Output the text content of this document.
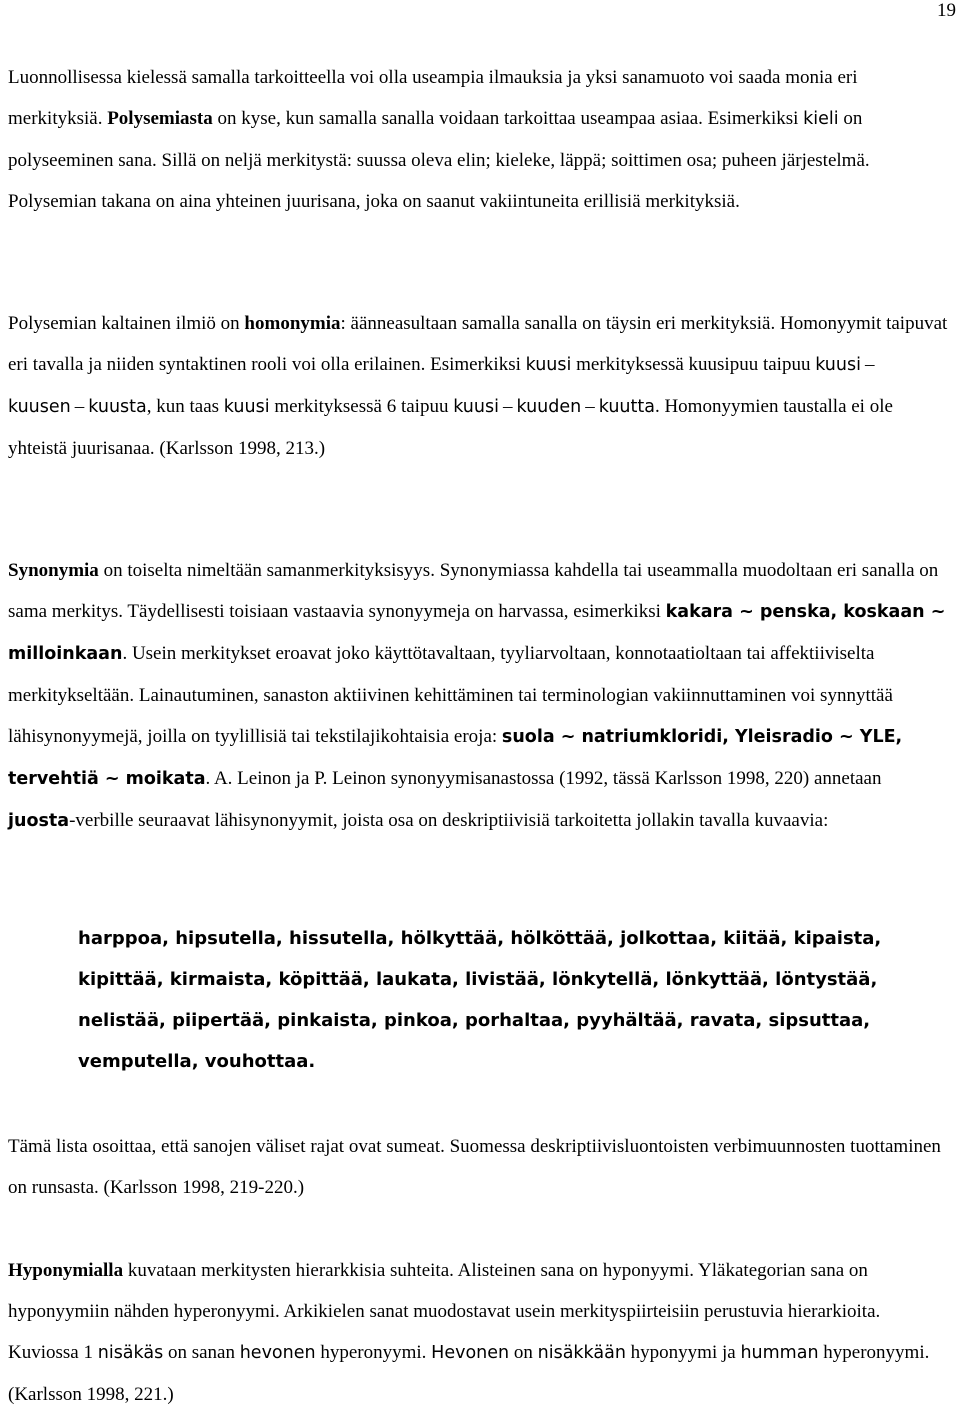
19

Luonnollisessa kielessä samalla tarkoitteella voi olla useampia ilmauksia ja yksi sanamuoto voi saada monia eri merkityksiä. Polysemiasta on kyse, kun samalla sanalla voidaan tarkoittaa useampaa asiaa. Esimerkiksi kieli on polyseeminen sana. Sillä on neljä merkitystä: suussa oleva elin; kieleke, läppä; soittimen osa; puheen järjestelmä. Polysemian takana on aina yhteinen juurisana, joka on saanut vakiintuneita erillisiä merkityksiä.

Polysemian kaltainen ilmiö on homonymia: äänneasultaan samalla sanalla on täysin eri merkityksiä. Homonyymit taipuvat eri tavalla ja niiden syntaktinen rooli voi olla erilainen. Esimerkiksi kuusi merkityksessä kuusipuu taipuu kuusi –kuusen – kuusta, kun taas kuusi merkityksessä 6 taipuu kuusi – kuuden – kuutta. Homonyymien taustalla ei ole yhteistä juurisanaa. (Karlsson 1998, 213.)

Synonymia on toiselta nimeltään samanmerkityksisyys. Synonymiassa kahdella tai useammalla muodoltaan eri sanalla on sama merkitys. Täydellisesti toisiaan vastaavia synonyymeja on harvassa, esimerkiksi kakara ~ penska, koskaan ~ milloinkaan. Usein merkitykset eroavat joko käyttötavaltaan, tyyliarvoltaan, konnotaatioltaan tai affektiiviselta merkitykseltään. Lainautuminen, sanaston aktiivinen kehittäminen tai terminologian vakiinnuttaminen voi synnyttää lähisynonyymejä, joilla on tyylillisiä tai tekstilajikohtaisia eroja: suola ~ natriumkloridi, Yleisradio ~ YLE, tervehtiä ~ moikata. A. Leinon ja P. Leinon synonyymisanastossa (1992, tässä Karlsson 1998, 220) annetaan juosta-verbille seuraavat lähisynonyymit, joista osa on deskriptiivisiä tarkoitetta jollakin tavalla kuvaavia:

harppoa, hipsutella, hissutella, hölkyttää, hölköttää, jolkottaa, kiitää, kipaista, kipittää, kirmaista, köpittää, laukata, livistää, lönkytellä, lönkyttää, löntystää, nelistää, piipertää, pinkaista, pinkoa, porhaltaa, pyyhältää, ravata, sipsuttaa, vemputella, vouhottaa.

Tämä lista osoittaa, että sanojen väliset rajat ovat sumeat. Suomessa deskriptiivisluontoisten verbimuunnosten tuottaminen on runsasta. (Karlsson 1998, 219-220.)

Hyponymialla kuvataan merkitysten hierarkkisia suhteita. Alisteinen sana on hyponyymi. Yläkategorian sana on hyponyymiin nähden hyperonyymi. Arkikielen sanat muodostavat usein merkityspiirteisiin perustuvia hierarkioita. Kuviossa 1 nisäkäs on sanan hevonen hyperonyymi. Hevonen on nisäkkään hyponyymi ja humman hyperonyymi. (Karlsson 1998, 221.)
